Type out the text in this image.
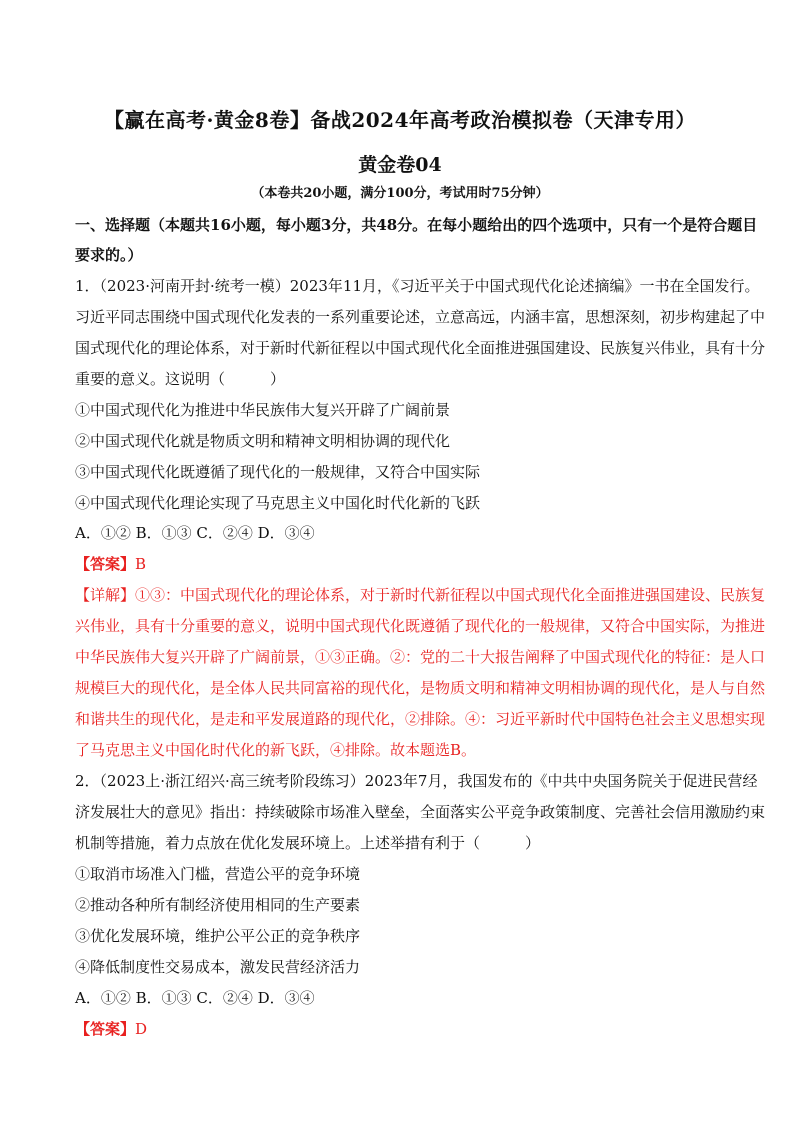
【赢在高考·黄金8卷】备战2024年高考政治模拟卷（天津专用）
黄金卷04
（本卷共20小题，满分100分，考试用时75分钟）
一、选择题（本题共16小题，每小题3分，共48分。在每小题给出的四个选项中，只有一个是符合题目
要求的。）
1．（2023·河南开封·统考一模）2023年11月，《习近平关于中国式现代化论述摘编》一书在全国发行。
习近平同志围绕中国式现代化发表的一系列重要论述，立意高远，内涵丰富，思想深刻，初步构建起了中
国式现代化的理论体系，对于新时代新征程以中国式现代化全面推进强国建设、民族复兴伟业，具有十分
重要的意义。这说明（　　　）
①中国式现代化为推进中华民族伟大复兴开辟了广阔前景
②中国式现代化就是物质文明和精神文明相协调的现代化
③中国式现代化既遵循了现代化的一般规律，又符合中国实际
④中国式现代化理论实现了马克思主义中国化时代化新的飞跃
A．①② B．①③ C．②④ D．③④
【答案】B
【详解】①③：中国式现代化的理论体系，对于新时代新征程以中国式现代化全面推进强国建设、民族复
兴伟业，具有十分重要的意义，说明中国式现代化既遵循了现代化的一般规律，又符合中国实际，为推进
中华民族伟大复兴开辟了广阔前景，①③正确。②：党的二十大报告阐释了中国式现代化的特征：是人口
规模巨大的现代化，是全体人民共同富裕的现代化，是物质文明和精神文明相协调的现代化，是人与自然
和谐共生的现代化，是走和平发展道路的现代化，②排除。④：习近平新时代中国特色社会主义思想实现
了马克思主义中国化时代化的新飞跃，④排除。故本题选B。
2．（2023上·浙江绍兴·高三统考阶段练习）2023年7月，我国发布的《中共中央国务院关于促进民营经
济发展壮大的意见》指出：持续破除市场准入壁垒，全面落实公平竞争政策制度、完善社会信用激励约束
机制等措施，着力点放在优化发展环境上。上述举措有利于（　　　）
①取消市场准入门槛，营造公平的竞争环境
②推动各种所有制经济使用相同的生产要素
③优化发展环境，维护公平公正的竞争秩序
④降低制度性交易成本，激发民营经济活力
A．①② B．①③ C．②④ D．③④
【答案】D
